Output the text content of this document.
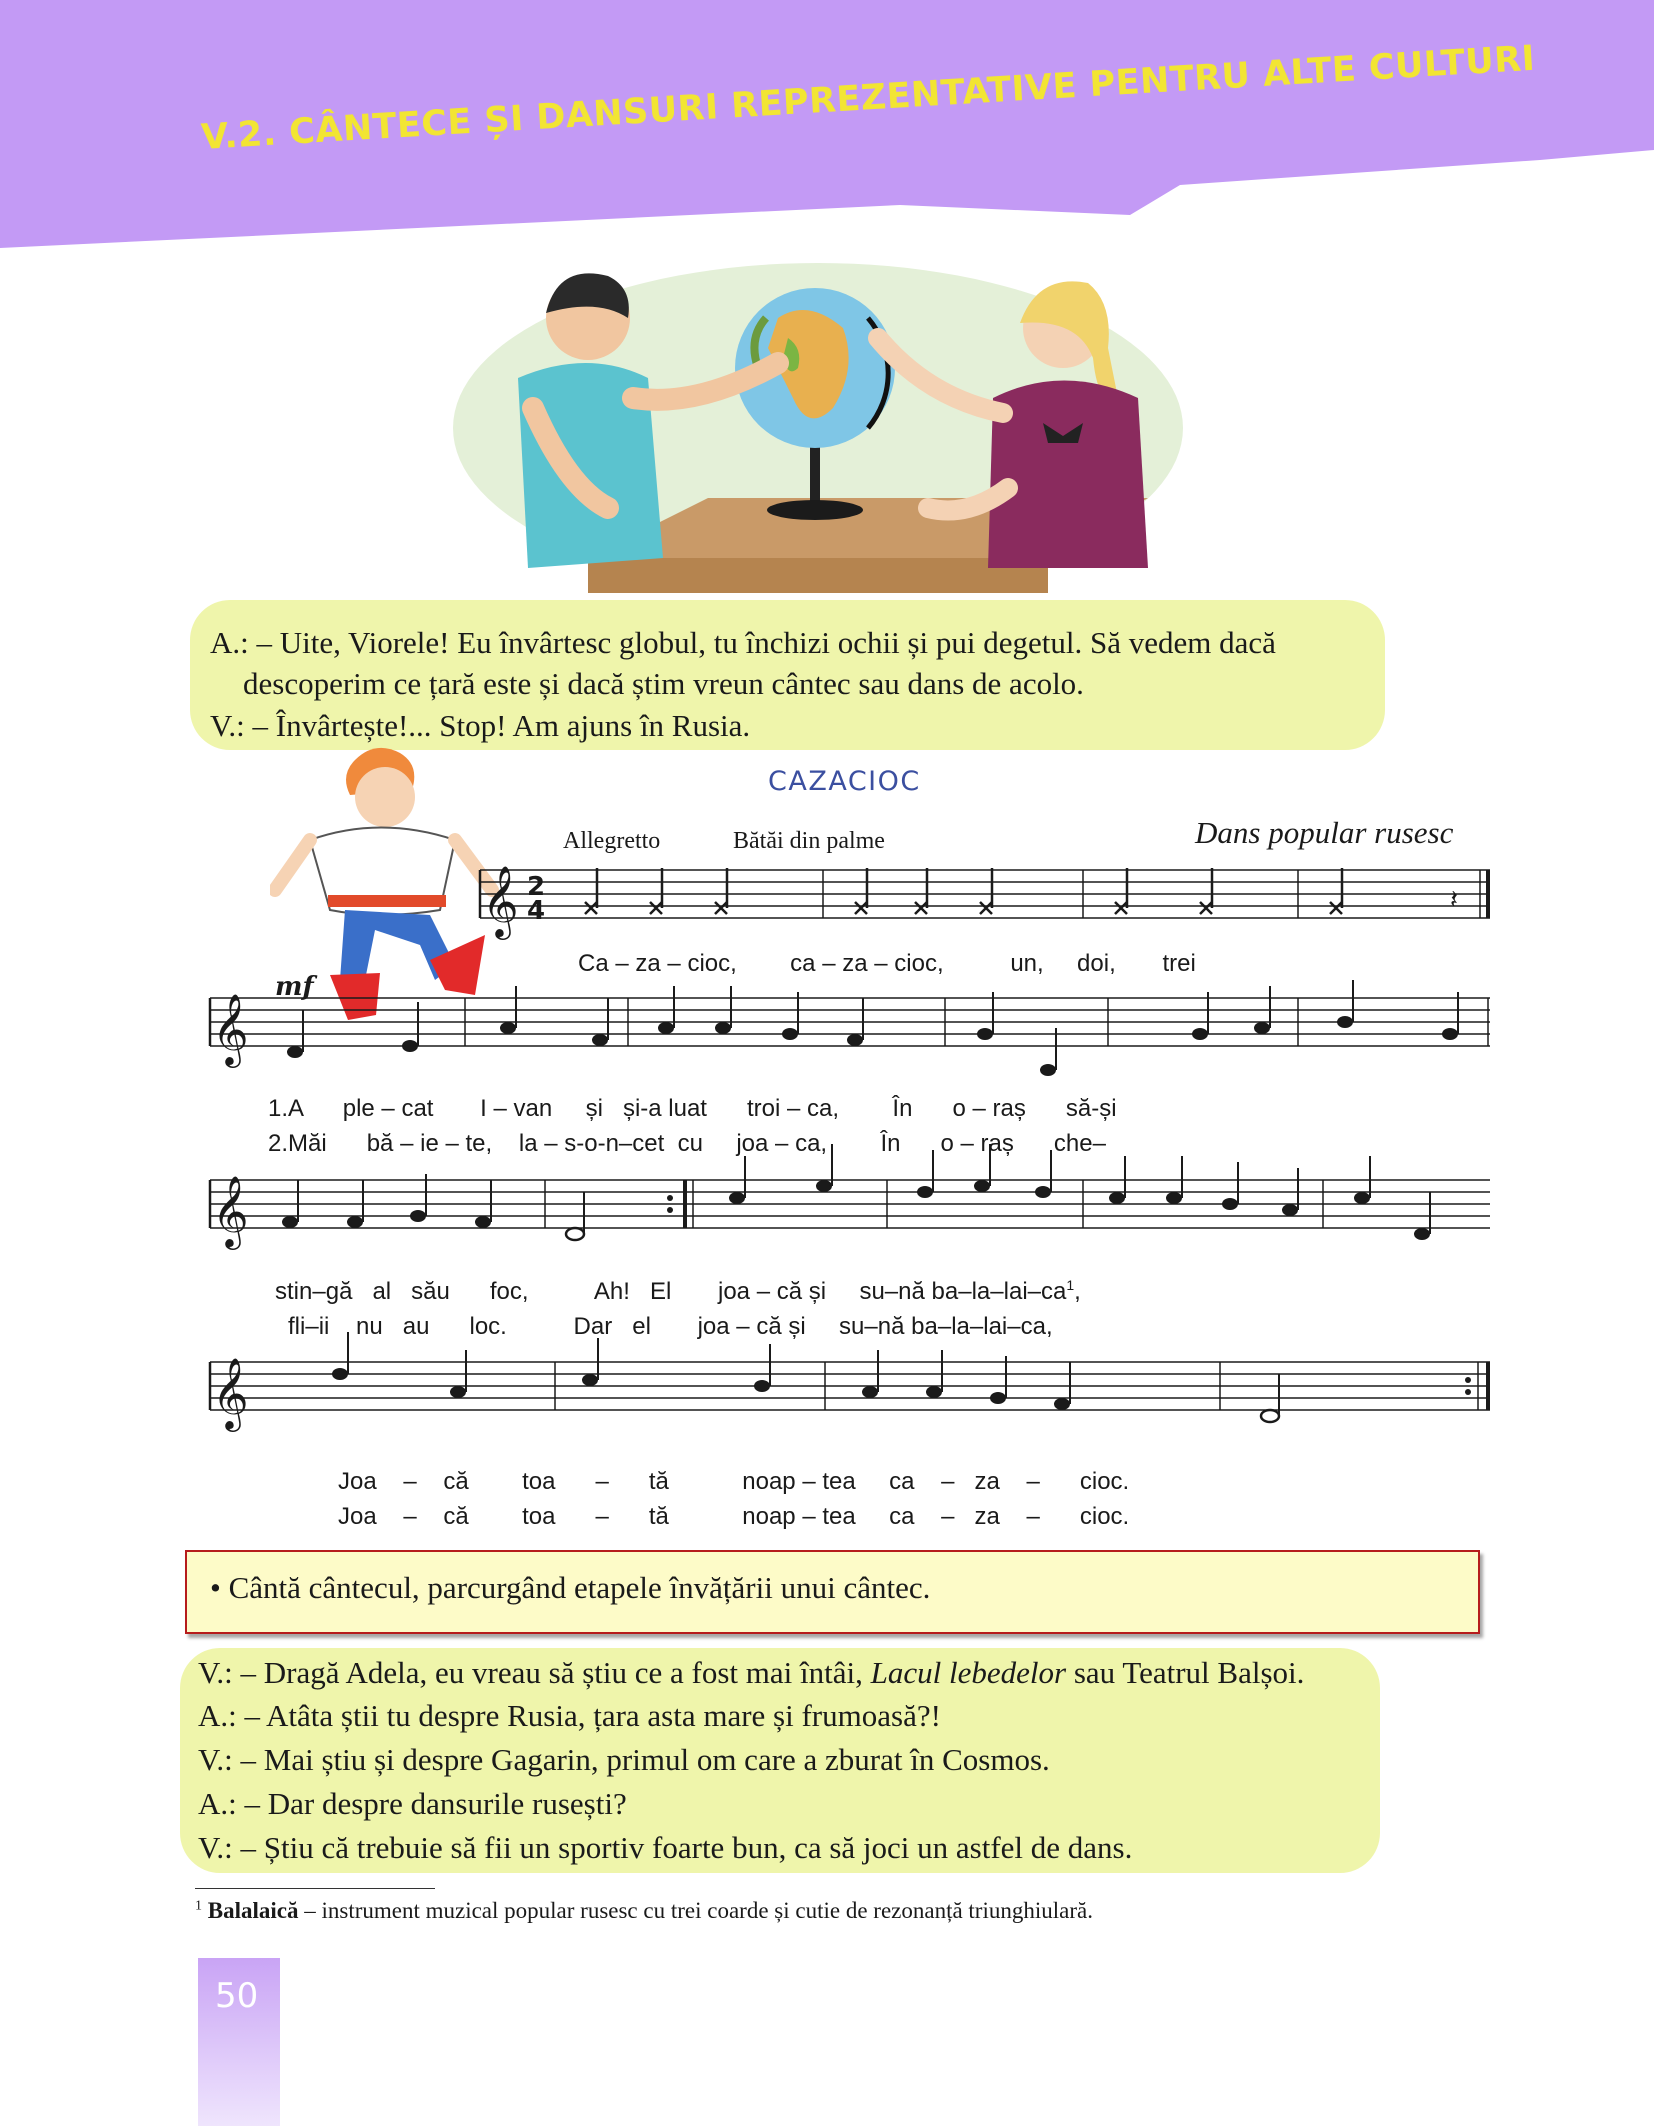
V.2. CÂNTECE ȘI DANSURI REPREZENTATIVE PENTRU ALTE CULTURI
A.: – Uite, Viorele! Eu învârtesc globul, tu închizi ochii și pui degetul. Să vedem dacă
descoperim ce țară este și dacă știm vreun cântec sau dans de acolo.
V.: – Învârtește!... Stop! Am ajuns în Rusia.
CAZACIOC
Allegretto	Bătăi din palme	Dans popular rusesc
𝄞
𝄞
𝄞
𝄞
2
4	𝄽
mf
Ca – za – cioc, ca – za – cioc,	un, doi, trei
1.A ple – cat I – van și și-a luat troi – ca, În o – raș să-și
2.Măi bă – ie – te, la – s-o-n–cet cu joa – ca, În o – raș che–
stin–gă al său foc,	Ah! El joa – că și su–nă $ba-la-lai-ca^1$,
fli–ii nu au loc.	Dar el joa – că și su–nă ba–la–lai–ca,
Joa – că toa – tă	noap – tea ca – za – cioc.
Joa – că toa – tă	noap – tea ca – za – cioc.
• Cântă cântecul, parcurgând etapele învățării unui cântec.
V.: – Dragă Adela, eu vreau să știu ce a fost mai întâi, Lacul lebedelor sau Teatrul Balșoi.
A.: – Atâta știi tu despre Rusia, țara asta mare și frumoasă?!
V.: – Mai știu și despre Gagarin, primul om care a zburat în Cosmos.
A.: – Dar despre dansurile rusești?
V.: – Știu că trebuie să fii un sportiv foarte bun, ca să joci un astfel de dans.
$^1$ Balalaică – instrument muzical popular rusesc cu trei coarde și cutie de rezonanță triunghiulară.
50
